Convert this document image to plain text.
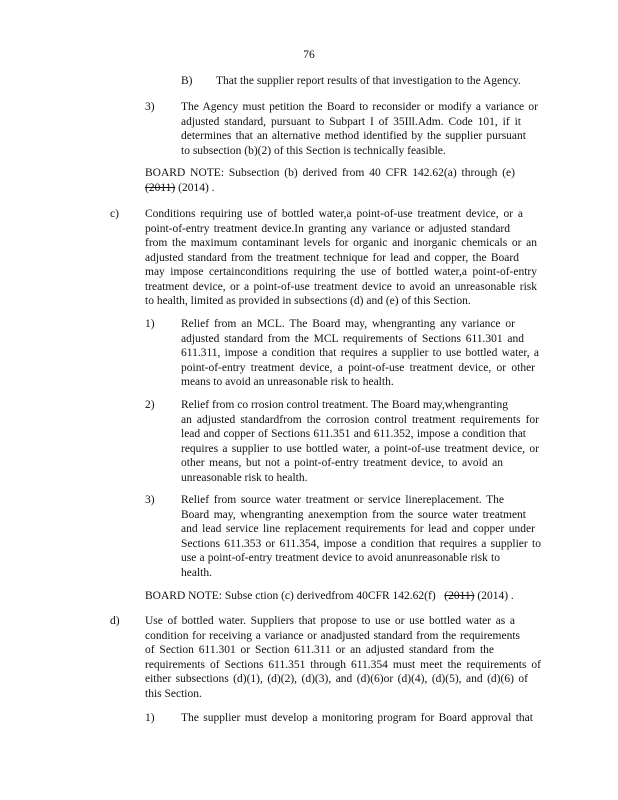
76
B) That the supplier report results of that investigation to the Agency.
3) The Agency must petition the Board to reconsider or modify a variance or
adjusted standard, pursuant to Subpart I of 35Ill.Adm. Code 101, if it
determines that an alternative method identified by the supplier pursuant
to subsection (b)(2) of this Section is technically feasible.
BOARD NOTE: Subsection (b) derived from 40 CFR 142.62(a) through (e)
(2011) (2014) .
c) Conditions requiring use of bottled water,a point-of-use treatment device, or a
point-of-entry treatment device.In granting any variance or adjusted standard
from the maximum contaminant levels for organic and inorganic chemicals or an
adjusted standard from the treatment technique for lead and copper, the Board
may impose certainconditions requiring the use of bottled water,a point-of-entry
treatment device, or a point-of-use treatment device to avoid an unreasonable risk
to health, limited as provided in subsections (d) and (e) of this Section.
1) Relief from an MCL. The Board may, whengranting any variance or
adjusted standard from the MCL requirements of Sections 611.301 and
611.311, impose a condition that requires a supplier to use bottled water, a
point-of-entry treatment device, a point-of-use treatment device, or other
means to avoid an unreasonable risk to health.
2) Relief from co rrosion control treatment. The Board may,whengranting
an adjusted standardfrom the corrosion control treatment requirements for
lead and copper of Sections 611.351 and 611.352, impose a condition that
requires a supplier to use bottled water, a point-of-use treatment device, or
other means, but not a point-of-entry treatment device, to avoid an
unreasonable risk to health.
3) Relief from source water treatment or service linereplacement. The
Board may, whengranting anexemption from the source water treatment
and lead service line replacement requirements for lead and copper under
Sections 611.353 or 611.354, impose a condition that requires a supplier to
use a point-of-entry treatment device to avoid anunreasonable risk to
health.
BOARD NOTE: Subse ction (c) derivedfrom 40CFR 142.62(f) (2011) (2014) .
d) Use of bottled water. Suppliers that propose to use or use bottled water as a
condition for receiving a variance or anadjusted standard from the requirements
of Section 611.301 or Section 611.311 or an adjusted standard from the
requirements of Sections 611.351 through 611.354 must meet the requirements of
either subsections (d)(1), (d)(2), (d)(3), and (d)(6)or (d)(4), (d)(5), and (d)(6) of
this Section.
1) The supplier must develop a monitoring program for Board approval that
